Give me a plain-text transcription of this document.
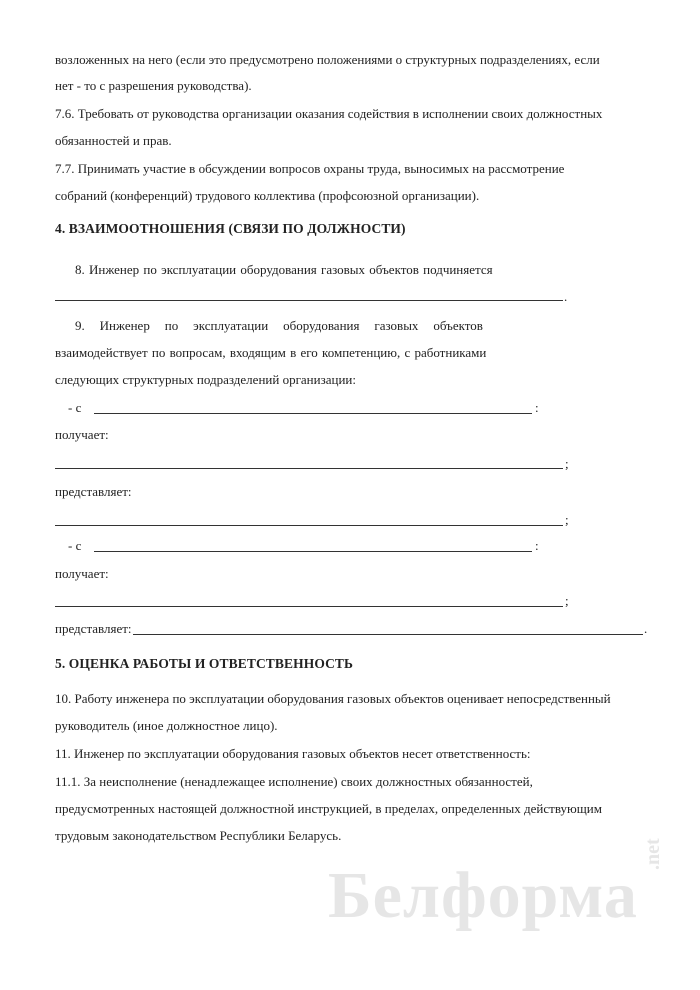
возложенных на него (если это предусмотрено положениями о структурных подразделениях, если
нет - то с разрешения руководства).
7.6. Требовать от руководства организации оказания содействия в исполнении своих должностных
обязанностей и прав.
7.7. Принимать участие в обсуждении вопросов охраны труда, выносимых на рассмотрение
собраний (конференций) трудового коллектива (профсоюзной организации).
4. ВЗАИМООТНОШЕНИЯ (СВЯЗИ ПО ДОЛЖНОСТИ)
8. Инженер по эксплуатации оборудования газовых объектов подчиняется
.
9. Инженер по эксплуатации оборудования газовых объектов
взаимодействует по вопросам, входящим в его компетенцию, с работниками
следующих структурных подразделений организации:
- с	:
получает:
;
представляет:
;
- с	:
получает:
;
представляет:	.
5. ОЦЕНКА РАБОТЫ И ОТВЕТСТВЕННОСТЬ
10. Работу инженера по эксплуатации оборудования газовых объектов оценивает непосредственный
руководитель (иное должностное лицо).
11. Инженер по эксплуатации оборудования газовых объектов несет ответственность:
11.1. За неисполнение (ненадлежащее исполнение) своих должностных обязанностей,
предусмотренных настоящей должностной инструкцией, в пределах, определенных действующим
трудовым законодательством Республики Беларусь.
Белформа
.net
